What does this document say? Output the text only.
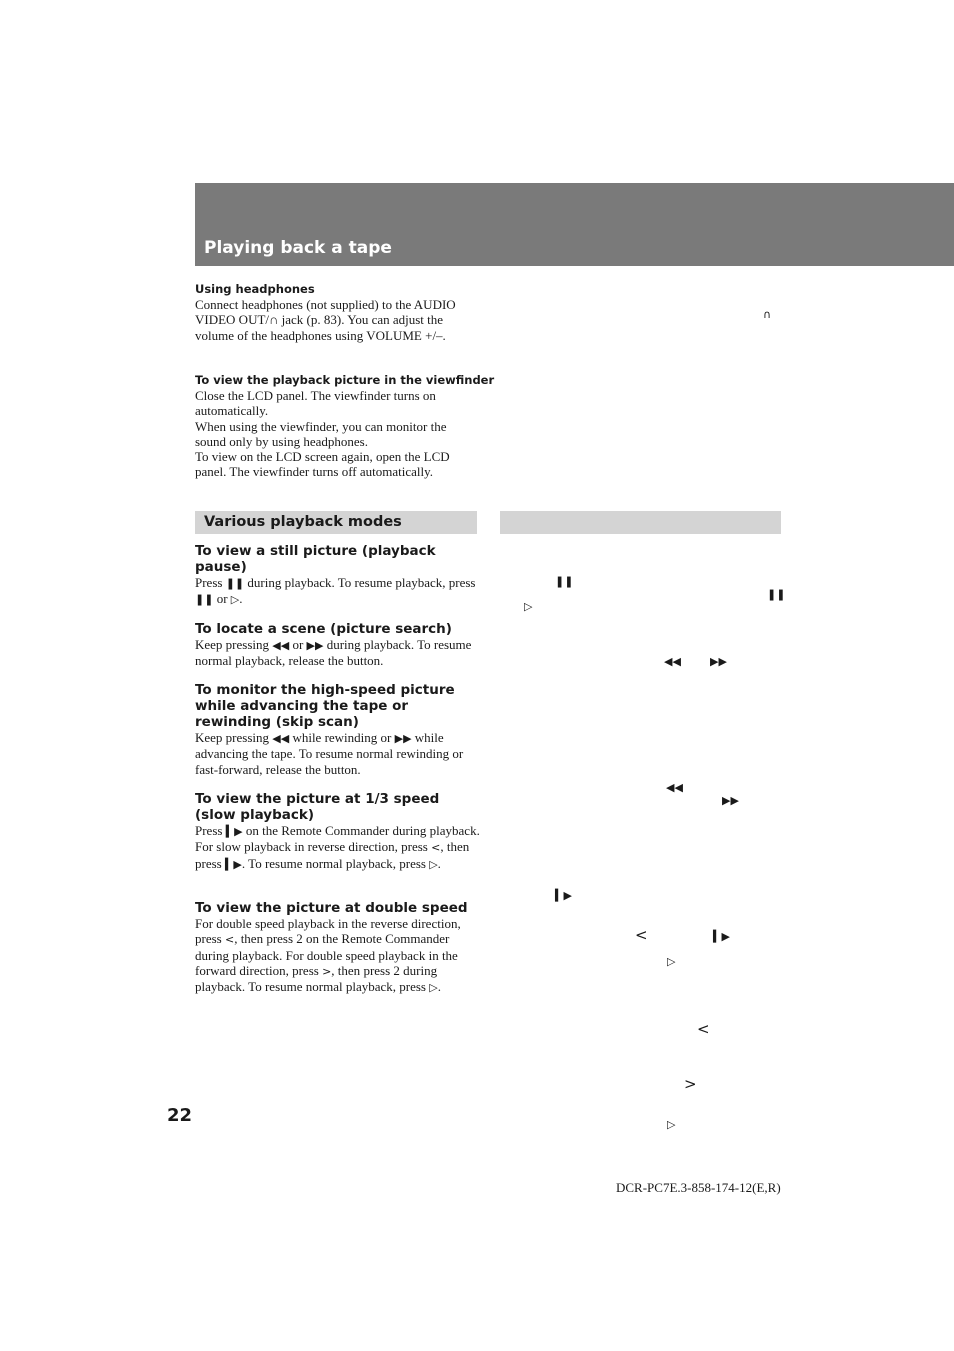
Playing back a tape

Using headphones

Connect headphones (not supplied) to the AUDIO VIDEO OUT/∩ jack (p. 83). You can adjust the volume of the headphones using VOLUME +/–.

To view the playback picture in the viewfinder

Close the LCD panel. The viewfinder turns on automatically.

When using the viewfinder, you can monitor the sound only by using headphones.

To view on the LCD screen again, open the LCD panel. The viewfinder turns off automatically.

Various playback modes

To view a still picture (playback pause)

Press ❚❚ during playback. To resume playback, press ❚❚ or ▷.

To locate a scene (picture search)

Keep pressing ◀◀ or ▶▶ during playback. To resume normal playback, release the button.

To monitor the high-speed picture while advancing the tape or rewinding (skip scan)

Keep pressing ◀◀ while rewinding or ▶▶ while advancing the tape. To resume normal rewinding or fast-forward, release the button.

To view the picture at 1/3 speed (slow playback)

Press ▍▶ on the Remote Commander during playback. For slow playback in reverse direction, press <, then press ▍▶. To resume normal playback, press ▷.

To view the picture at double speed

For double speed playback in the reverse direction, press <, then press 2 on the Remote Commander during playback. For double speed playback in the forward direction, press >, then press 2 during playback. To resume normal playback, press ▷.

∩
❚❚
❚❚
▷
◀◀	▶▶
◀◀
▶▶
▍▶
<	▍▶
▷
<
>
▷
22
DCR-PC7E.3-858-174-12(E,R)
